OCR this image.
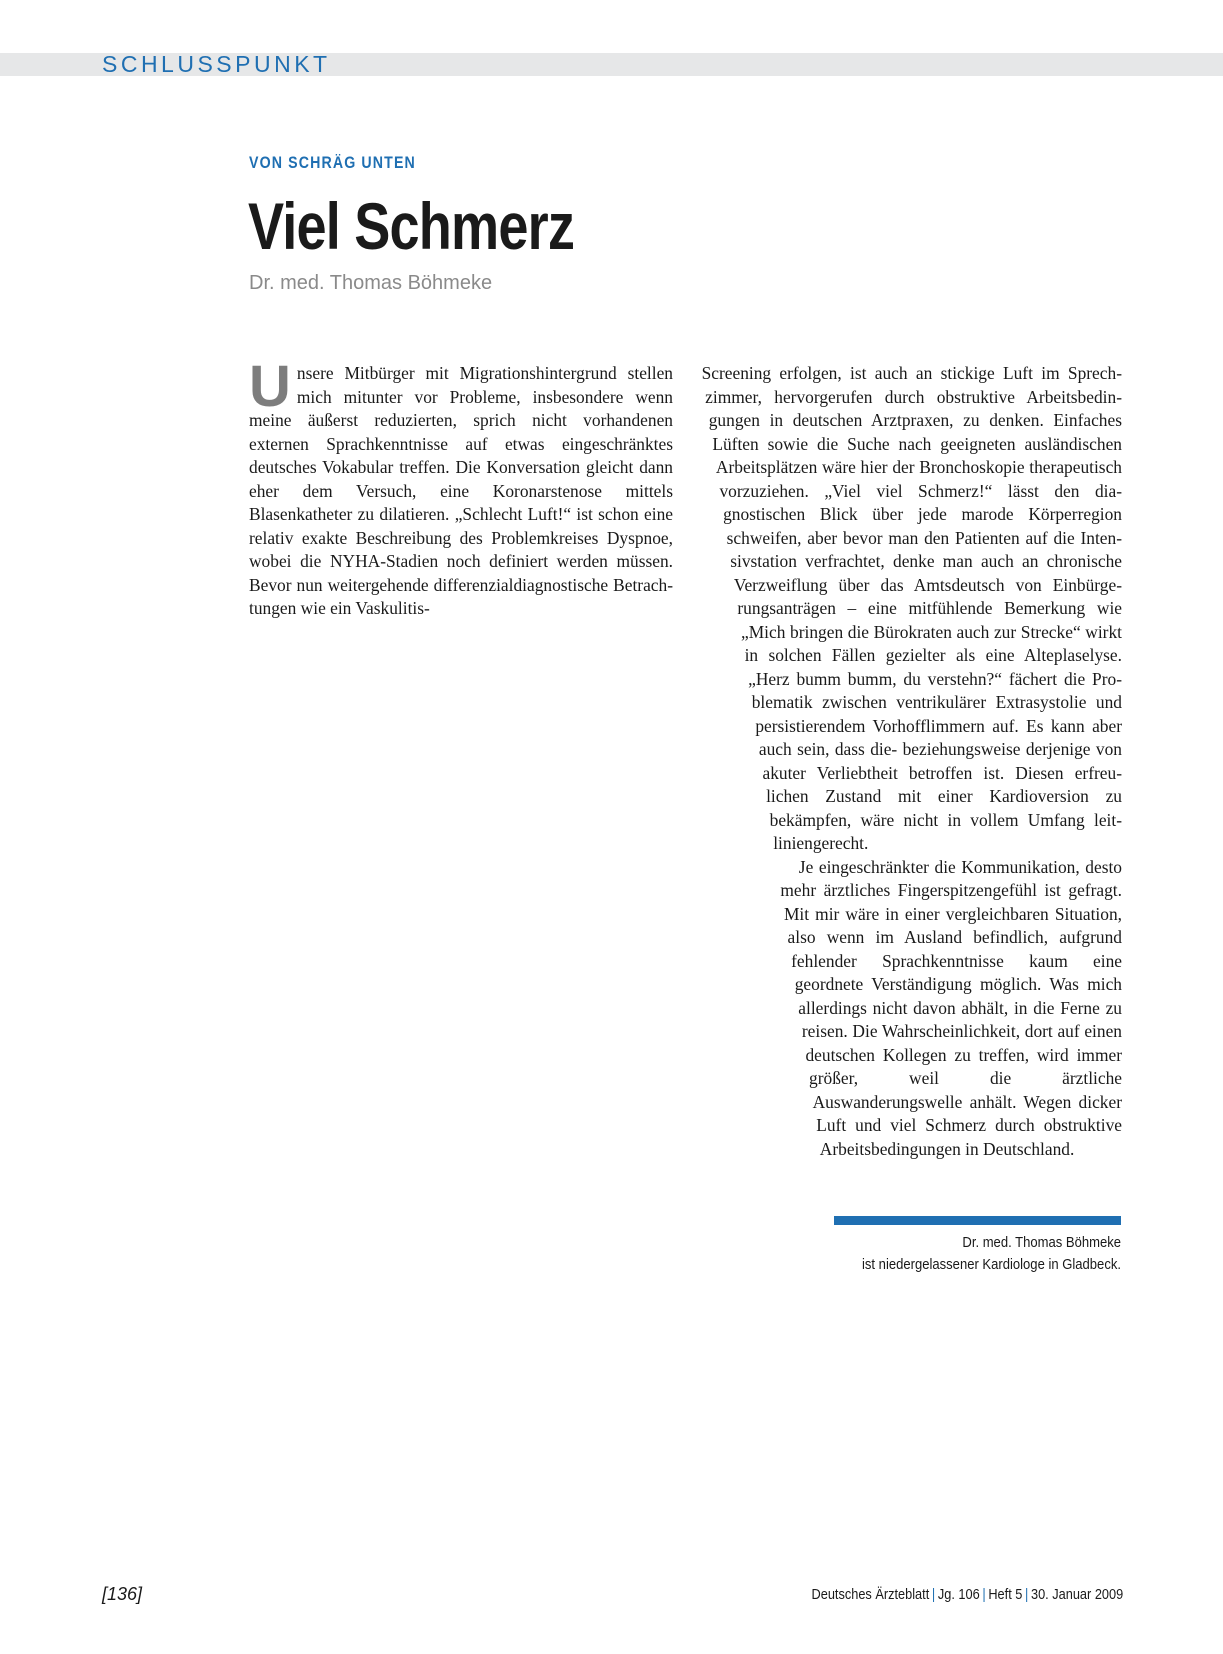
SCHLUSSPUNKT
VON SCHRÄG UNTEN
Viel Schmerz
Dr. med. Thomas Böhmeke
U nsere Mitbürger mit Migrationshintergrund stellen mich mitunter vor Probleme, insbesondere wenn meine äußerst reduzierten, sprich nicht vorhandenen externen Sprachkenntnisse auf etwas eingeschränktes deutsches Vokabular treffen. Die Konversation gleicht dann eher dem Versuch, eine Koronarstenose mittels Blasenkatheter zu dilatieren. „Schlecht Luft!“ ist schon eine relativ exakte Beschreibung des Problemkreises Dyspnoe, wobei die NYHA-Stadien noch definiert werden müssen. Bevor nun weitergehende differenzialdiagnostische Betrachtungen wie ein Vaskulitis-

Screening erfolgen, ist auch an stickige Luft im Sprechzimmer, hervorgerufen durch obstruktive Arbeitsbedingungen in deutschen Arztpraxen, zu denken. Einfaches Lüften sowie die Suche nach geeigneten ausländischen Arbeitsplätzen wäre hier der Bronchoskopie therapeutisch vorzuziehen. „Viel viel Schmerz!“ lässt den diagnostischen Blick über jede marode Körperregion schweifen, aber bevor man den Patienten auf die Intensivstation verfrachtet, denke man auch an chronische Verzweiflung über das Amtsdeutsch von Einbürgerungsanträgen – eine mitfühlende Bemerkung wie „Mich bringen die Bürokraten auch zur Strecke“ wirkt in solchen Fällen gezielter als eine Alteplaselyse. „Herz bumm bumm, du verstehn?“ fächert die Problematik zwischen ventrikulärer Extrasystolie und persistierendem Vorhofflimmern auf. Es kann aber auch sein, dass die- beziehungsweise derjenige von akuter Verliebtheit betroffen ist. Diesen erfreulichen Zustand mit einer Kardioversion zu bekämpfen, wäre nicht in vollem Umfang leitliniengerecht.

Je eingeschränkter die Kommunikation, desto mehr ärztliches Fingerspitzengefühl ist gefragt. Mit mir wäre in einer vergleichbaren Situation, also wenn im Ausland befindlich, aufgrund fehlender Sprachkenntnisse kaum eine geordnete Verständigung möglich. Was mich allerdings nicht davon abhält, in die Ferne zu reisen. Die Wahrscheinlichkeit, dort auf einen deutschen Kollegen zu treffen, wird immer größer, weil die ärztliche Auswanderungswelle anhält. Wegen dicker Luft und viel Schmerz durch obstruktive Arbeitsbedingungen in Deutschland.

Dr. med. Thomas Böhmeke
ist niedergelassener Kardiologe in Gladbeck.
[136]	Deutsches Ärzteblatt | Jg. 106 | Heft 5 | 30. Januar 2009
